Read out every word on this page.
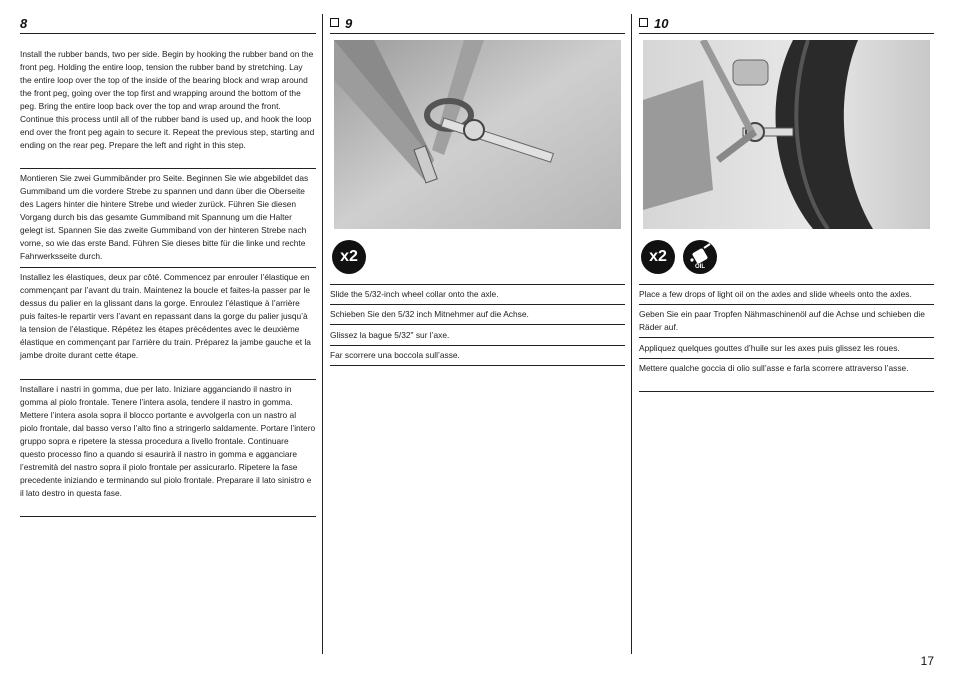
8
Install the rubber bands, two per side. Begin by hooking the rubber band on the front peg. Holding the entire loop, tension the rubber band by stretching. Lay the entire loop over the top of the inside of the bearing block and wrap around the front peg, going over the top first and wrapping around the bottom of the peg. Bring the entire loop back over the top and wrap around the front. Continue this process until all of the rubber band is used up, and hook the loop end over the front peg again to secure it. Repeat the previous step, starting and ending on the rear peg. Prepare the left and right in this step.
Montieren Sie zwei Gummibänder pro Seite. Beginnen Sie wie abgebildet das Gummiband um die vordere Strebe zu spannen und dann über die Oberseite des Lagers hinter die hintere Strebe und wieder zurück. Führen Sie diesen Vorgang durch bis das gesamte Gummiband mit Spannung um die Halter gelegt ist. Spannen Sie das zweite Gummiband von der hinteren Strebe nach vorne, so wie das erste Band. Führen Sie dieses bitte für die linke und rechte Fahrwerksseite durch.
Installez les élastiques, deux par côté. Commencez par enrouler l’élastique en commençant par l’avant du train. Maintenez la boucle et faites-la passer par le dessus du palier en la glissant dans la gorge. Enroulez l’élastique à l’arrière puis faites-le repartir vers l’avant en repassant dans la gorge du palier jusqu’à la tension de l’élastique. Répétez les étapes précédentes avec le deuxième élastique en commençant par l’arrière du train. Préparez la jambe gauche et la jambe droite durant cette étape.
Installare i nastri in gomma, due per lato. Iniziare agganciando il nastro in gomma al piolo frontale. Tenere l’intera asola, tendere il nastro in gomma. Mettere l’intera asola sopra il blocco portante e avvolgerla con un nastro al piolo frontale, dal basso verso l’alto fino a stringerlo saldamente. Portare l’intero gruppo sopra e ripetere la stessa procedura a livello frontale. Continuare questo processo fino a quando si esaurirà il nastro in gomma e agganciare l’estremità del nastro sopra il piolo frontale per assicurarlo. Ripetere la fase precedente iniziando e terminando sul piolo frontale. Preparare il lato sinistro e il lato destro in questa fase.
9
x2
Slide the 5/32-inch wheel collar onto the axle.
Schieben Sie den 5/32 inch Mitnehmer auf die Achse.
Glissez la bague 5/32" sur l’axe.
Far scorrere una boccola sull’asse.
10
x2
OIL
Place a few drops of light oil on the axles and slide wheels onto the axles.
Geben Sie ein paar Tropfen Nähmaschinenöl auf die Achse und schieben die Räder auf.
Appliquez quelques gouttes d’huile sur les axes puis glissez les roues.
Mettere qualche goccia di olio sull’asse e farla scorrere attraverso l’asse.
17
